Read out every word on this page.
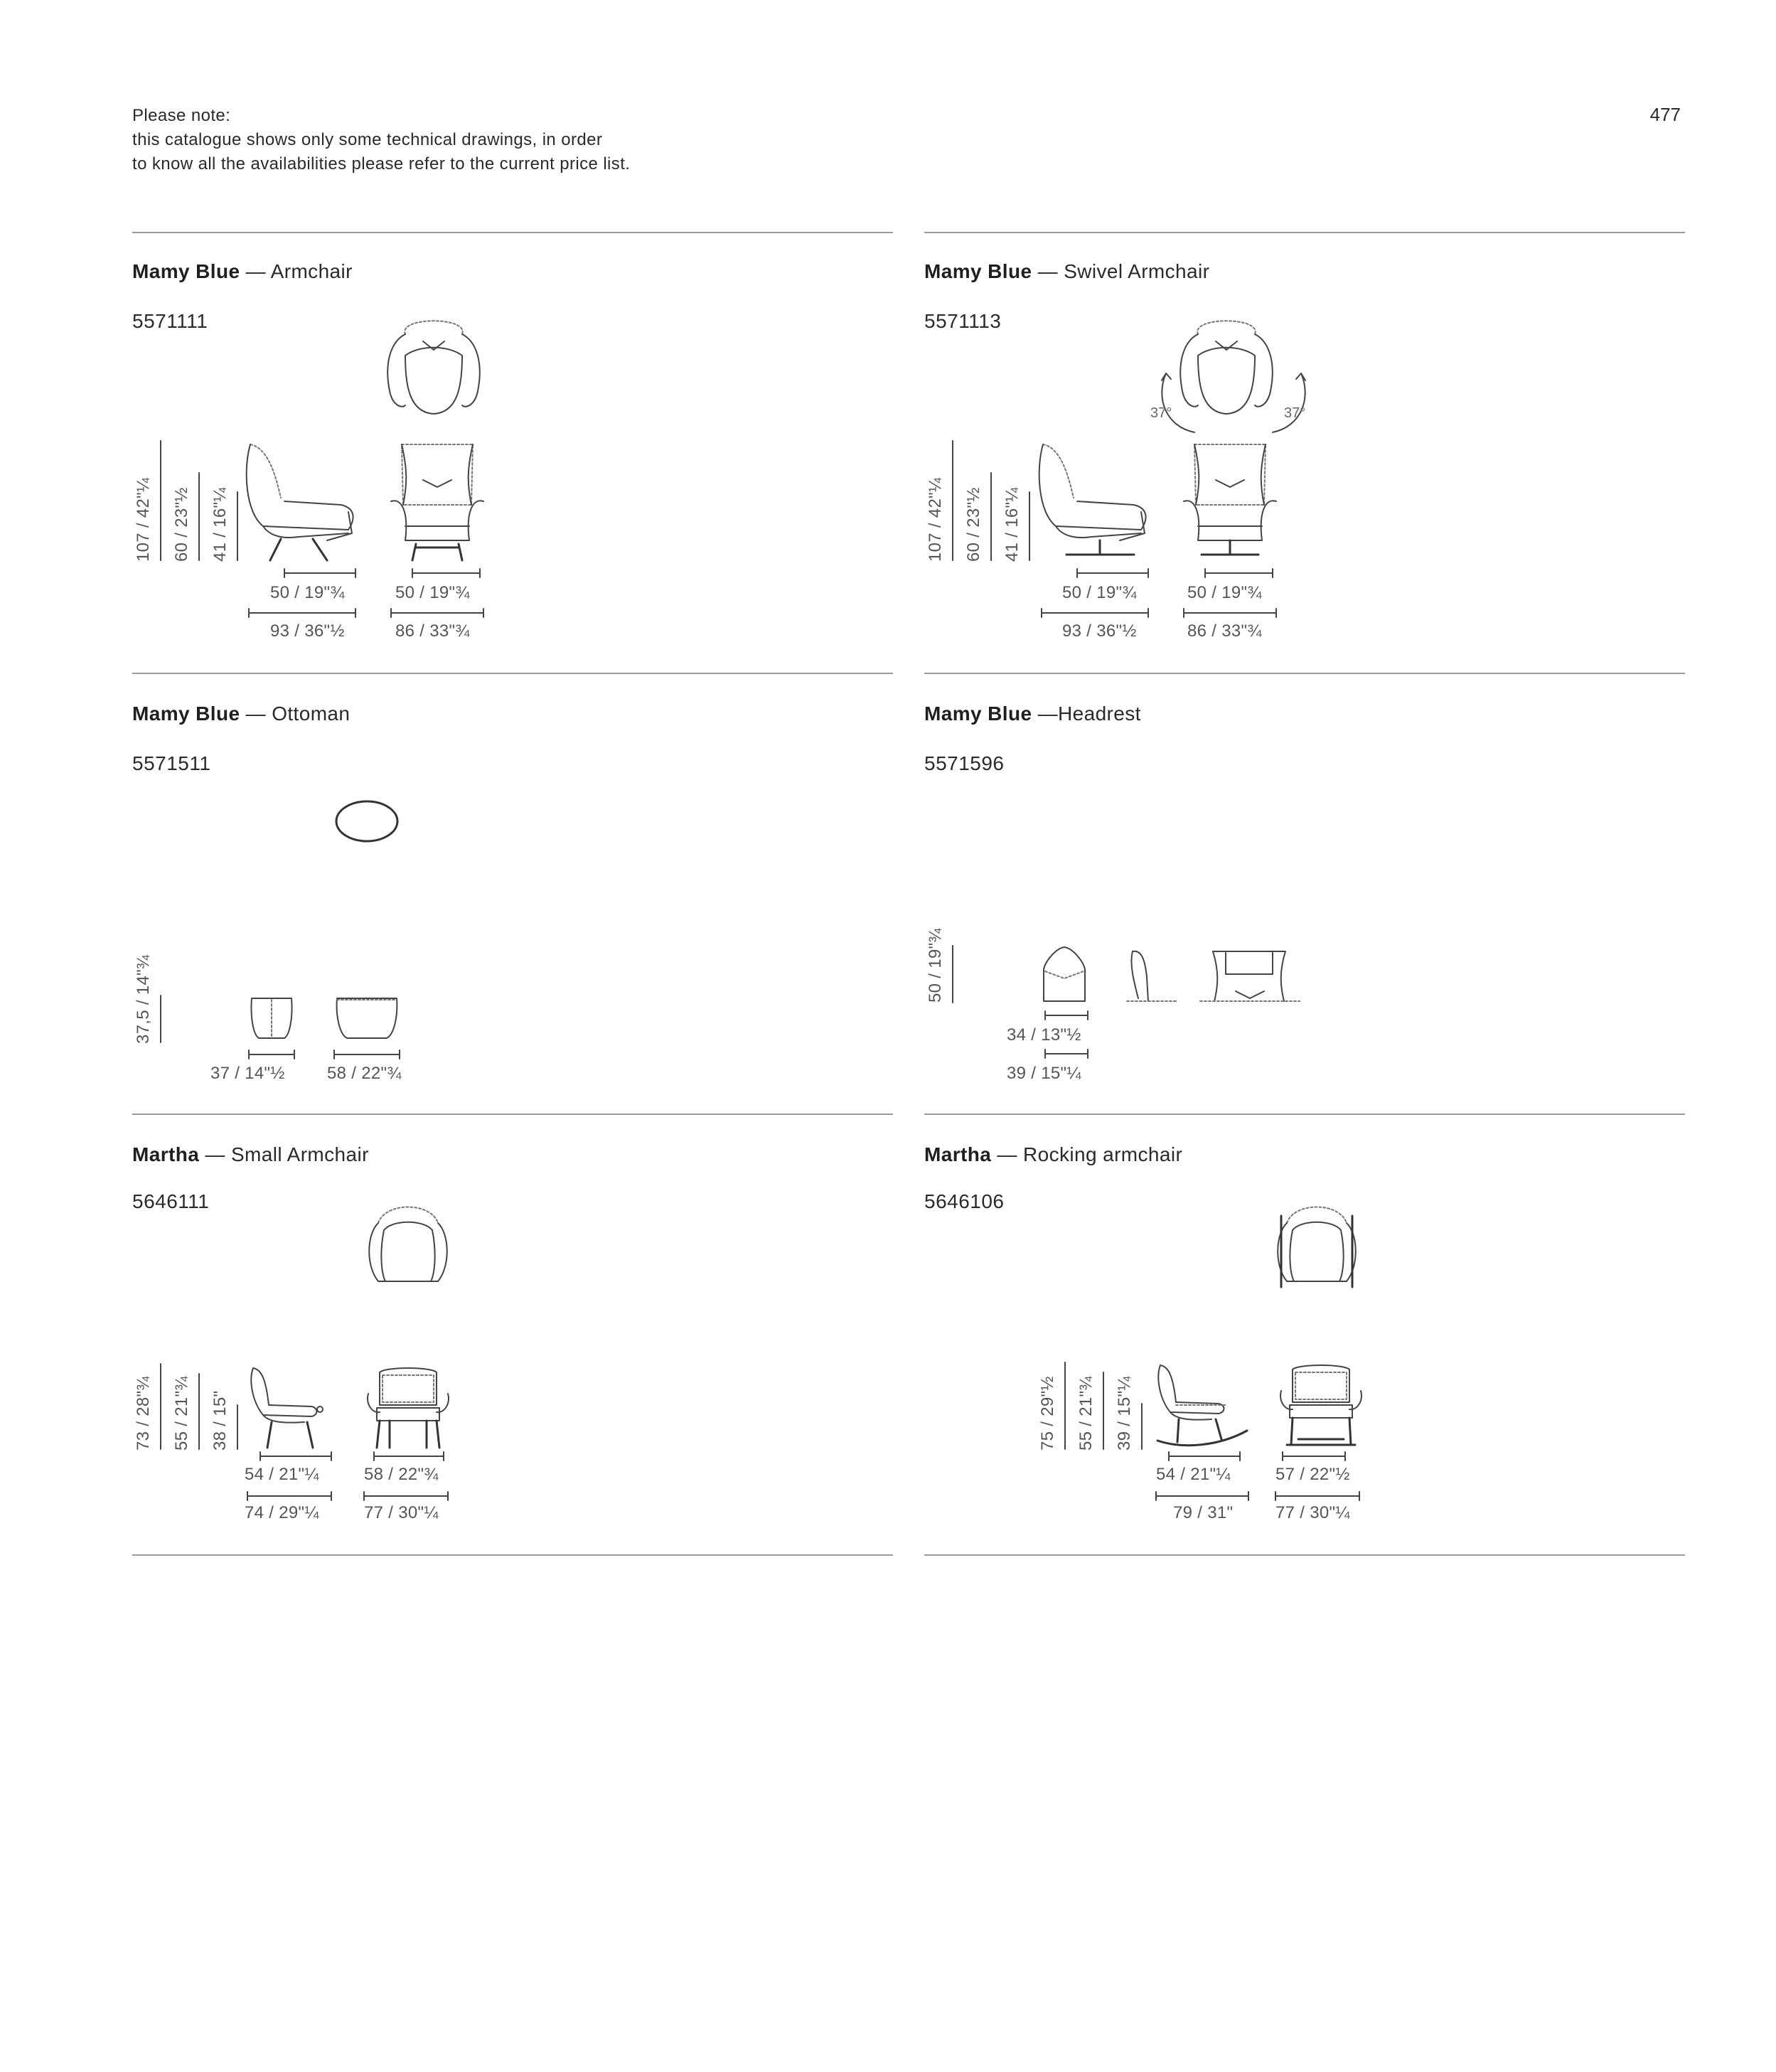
Please note:
this catalogue shows only some technical drawings, in order
to know all the availabilities please refer to the current price list.
477
Mamy Blue — Armchair
5571111
107 / 42"¼ 60 / 23"½ 41 / 16"¼
50 / 19"¾	50 / 19"¾
93 / 36"½	86 / 33"¾
Mamy Blue — Swivel Armchair
5571113
37°	37°
107 / 42"¼ 60 / 23"½ 41 / 16"¼
50 / 19"¾	50 / 19"¾
93 / 36"½	86 / 33"¾
Mamy Blue — Ottoman
5571511
37,5 / 14"¾
37 / 14"½ 58 / 22"¾
Mamy Blue —Headrest
5571596
50 / 19"¾
34 / 13"½
39 / 15"¼
Martha — Small Armchair
5646111
73 / 28"¾ 55 / 21"¾ 38 / 15"
54 / 21"¼	58 / 22"¾
74 / 29"¼	77 / 30"¼
Martha — Rocking armchair
5646106
75 / 29"½ 55 / 21"¾ 39 / 15"¼
54 / 21"¼	57 / 22"½
79 / 31" 77 / 30"¼
